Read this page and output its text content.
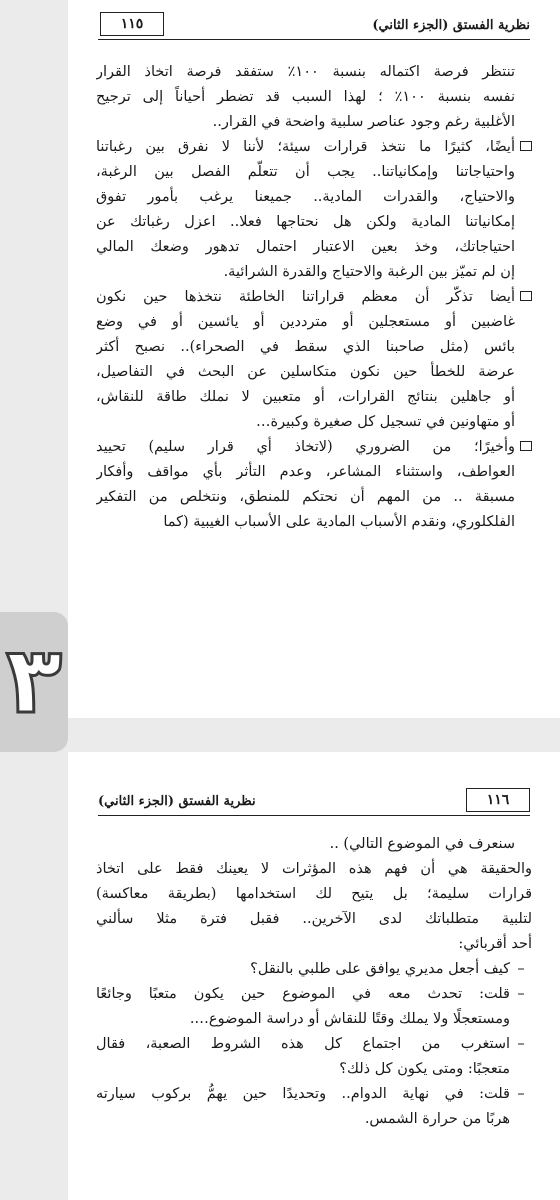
نظرية الفستق (الجزء الثاني)
١١٥
تنتظر فرصة اكتماله بنسبة ١٠٠٪ ستفقد فرصة اتخاذ القرار
نفسه بنسبة ١٠٠٪ ؛ لهذا السبب قد تضطر أحياناً إلى ترجيح
الأغلبية رغم وجود عناصر سلبية واضحة في القرار..
أيضًا، كثيرًا ما نتخذ قرارات سيئة؛ لأننا لا نفرق بين رغباتنا
واحتياجاتنا وإمكانياتنا.. يجب أن تتعلّم الفصل بين الرغبة،
والاحتياج، والقدرات المادية.. جميعنا يرغب بأمور تفوق
إمكانياتنا المادية ولكن هل نحتاجها فعلا.. اعزل رغباتك عن
احتياجاتك، وخذ بعين الاعتبار احتمال تدهور وضعك المالي
إن لم تميّز بين الرغبة والاحتياج والقدرة الشرائية.
أيضا تذكّر أن معظم قراراتنا الخاطئة نتخذها حين نكون
غاضبين أو مستعجلين أو مترددين أو يائسين أو في وضع
بائس (مثل صاحبنا الذي سقط في الصحراء).. نصبح أكثر
عرضة للخطأ حين نكون متكاسلين عن البحث في التفاصيل،
أو جاهلين بنتائج القرارات، أو متعبين لا نملك طاقة للنقاش،
أو متهاونين في تسجيل كل صغيرة وكبيرة…
وأخيرًا؛ من الضروري (لاتخاذ أي قرار سليم) تحييد
العواطف، واستثناء المشاعر، وعدم التأثر بأي مواقف وأفكار
مسبقة .. من المهم أن نحتكم للمنطق، ونتخلص من التفكير
الفلكلوري، ونقدم الأسباب المادية على الأسباب الغيبية (كما
نظرية الفستق (الجزء الثاني)	١١٦
سنعرف في الموضوع التالي) ..
والحقيقة هي أن فهم هذه المؤثرات لا يعينك فقط على اتخاذ
قرارات سليمة؛ بل يتيح لك استخدامها (بطريقة معاكسة)
لتلبية متطلباتك لدى الآخرين.. فقبل فترة مثلا سألني
أحد أقربائي:
–
كيف أجعل مديري يوافق على طلبي بالنقل؟
–
قلت: تحدث معه في الموضوع حين يكون متعبًا وجائعًا
ومستعجلًا ولا يملك وقتًا للنقاش أو دراسة الموضوع….
–
استغرب من اجتماع كل هذه الشروط الصعبة، فقال
متعجبًا: ومتى يكون كل ذلك؟
–
قلت: في نهاية الدوام.. وتحديدًا حين يهمُّ بركوب سيارته
هربًا من حرارة الشمس.
٣
